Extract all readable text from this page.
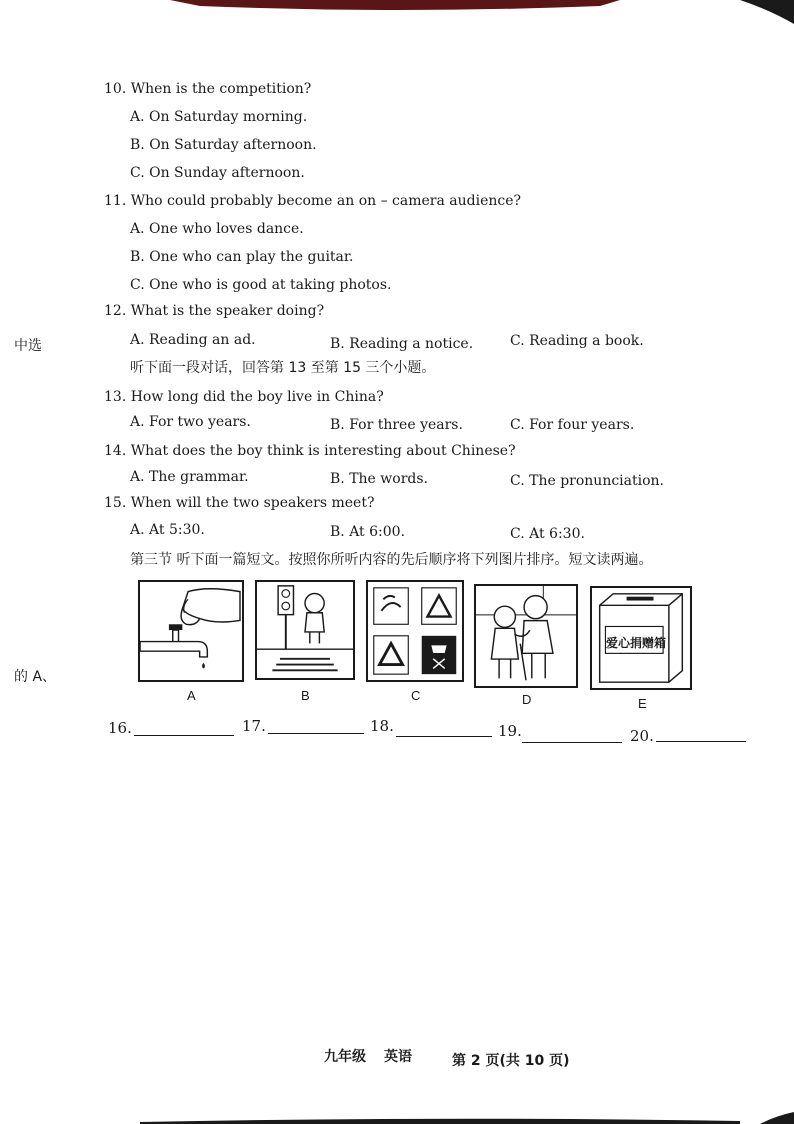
中选
的 A、
10. When is the competition?
A. On Saturday morning.
B. On Saturday afternoon.
C. On Sunday afternoon.
11. Who could probably become an on – camera audience?
A. One who loves dance.
B. One who can play the guitar.
C. One who is good at taking photos.
12. What is the speaker doing?
A. Reading an ad.	B. Reading a notice.	C. Reading a book.
听下面一段对话，回答第 13 至第 15 三个小题。
13. How long did the boy live in China?
A. For two years.	B. For three years.	C. For four years.
14. What does the boy think is interesting about Chinese?
A. The grammar.	B. The words.	C. The pronunciation.
15. When will the two speakers meet?
A. At 5:30.	B. At 6:00.	C. At 6:30.
第三节 听下面一篇短文。按照你所听内容的先后顺序将下列图片排序。短文读两遍。
A	B	C	D
爱心捐赠箱
E
16.	17.	18.	19.	20.
九年级 英语	第 2 页(共 10 页)
